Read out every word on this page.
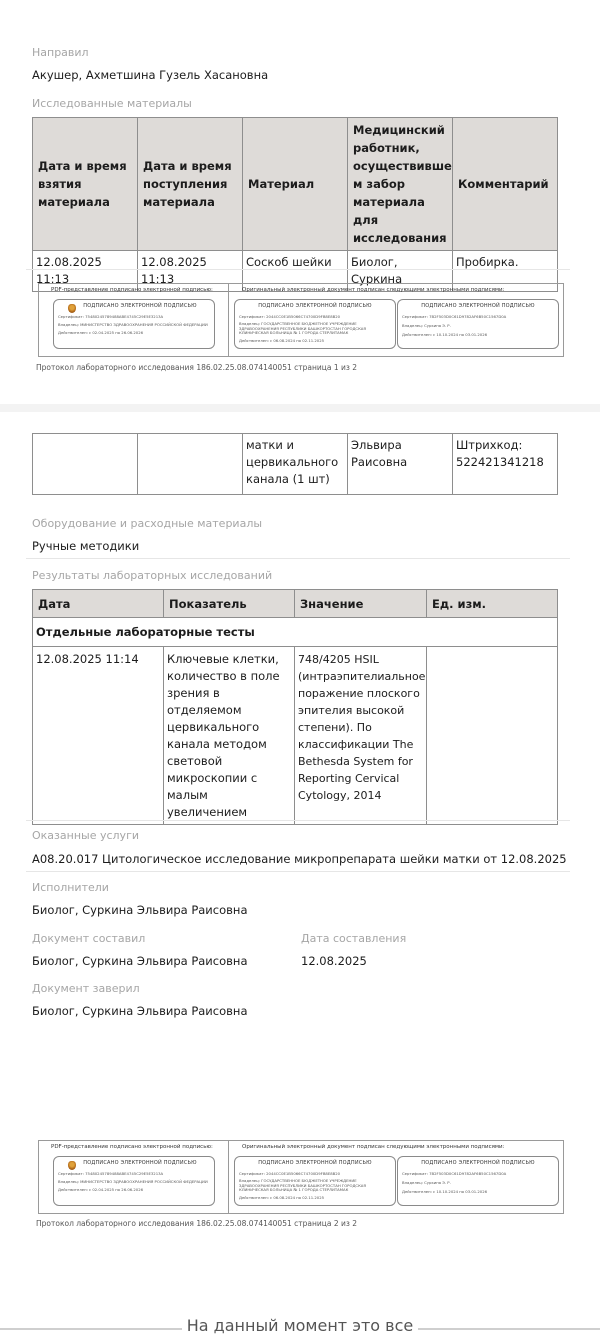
Направил
Акушер, Ахметшина Гузель Хасановна
Исследованные материалы
Дата и время взятия материала	Дата и время поступления материала	Материал	Медицинский работник, осуществивше м забор материала для исследования	Комментарий
12.08.2025 11:13	12.08.2025 11:13	Соскоб шейки	Биолог, Суркина	Пробирка.
PDF-представление подписано электронной подписью:	Оригинальный электронный документ подписан следующими электронными подписями:
ПОДПИСАНО ЭЛЕКТРОННОЙ ПОДПИСЬЮ
Сертификат: 75480245789488ABE4745C29E5E3213A
Владелец: МИНИСТЕРСТВО ЗДРАВООХРАНЕНИЯ РОССИЙСКОЙ ФЕДЕРАЦИИ
Действителен: с 02.04.2025 по 26.06.2026
ПОДПИСАНО ЭЛЕКТРОННОЙ ПОДПИСЬЮ
Сертификат: 2044CC0E1B5066C74700D9FB8E8B20
Владелец: ГОСУДАРСТВЕННОЕ БЮДЖЕТНОЕ УЧРЕЖДЕНИЕ ЗДРАВООХРАНЕНИЯ РЕСПУБЛИКИ БАШКОРТОСТАН ГОРОДСКАЯ КЛИНИЧЕСКАЯ БОЛЬНИЦА № 1 ГОРОДА СТЕРЛИТАМАК
Действителен: с 06.08.2024 по 02.11.2025
ПОДПИСАНО ЭЛЕКТРОННОЙ ПОДПИСЬЮ
Сертификат: 7B2F503D0C61D9782AF6B50C1567D0A
Владелец: Суркина Э. Р.
Действителен: с 10.10.2024 по 03.01.2026
Протокол лабораторного исследования 186.02.25.08.074140051 страница 1 из 2
		матки и цервикального канала (1 шт)	Эльвира Раисовна	Штрихкод: 522421341218
Оборудование и расходные материалы
Ручные методики
Результаты лабораторных исследований
Дата	Показатель	Значение	Ед. изм.
Отдельные лабораторные тесты			
12.08.2025 11:14	Ключевые клетки, количество в поле зрения в отделяемом цервикального канала методом световой микроскопии с малым увеличением	748/4205 HSIL (интраэпителиальное поражение плоского эпителия высокой степени). По классификации The Bethesda System for Reporting Cervical Cytology, 2014	
Оказанные услуги
A08.20.017 Цитологическое исследование микропрепарата шейки матки от 12.08.2025
Исполнители
Биолог, Суркина Эльвира Раисовна
Документ составил
Биолог, Суркина Эльвира Раисовна
Дата составления
12.08.2025
Документ заверил
Биолог, Суркина Эльвира Раисовна
PDF-представление подписано электронной подписью:	Оригинальный электронный документ подписан следующими электронными подписями:
ПОДПИСАНО ЭЛЕКТРОННОЙ ПОДПИСЬЮ
Сертификат: 75480245789488ABE4745C29E5E3213A
Владелец: МИНИСТЕРСТВО ЗДРАВООХРАНЕНИЯ РОССИЙСКОЙ ФЕДЕРАЦИИ
Действителен: с 02.04.2025 по 26.06.2026
ПОДПИСАНО ЭЛЕКТРОННОЙ ПОДПИСЬЮ
Сертификат: 2044CC0E1B5066C74700D9FB8E8B20
Владелец: ГОСУДАРСТВЕННОЕ БЮДЖЕТНОЕ УЧРЕЖДЕНИЕ ЗДРАВООХРАНЕНИЯ РЕСПУБЛИКИ БАШКОРТОСТАН ГОРОДСКАЯ КЛИНИЧЕСКАЯ БОЛЬНИЦА № 1 ГОРОДА СТЕРЛИТАМАК
Действителен: с 06.08.2024 по 02.11.2025
ПОДПИСАНО ЭЛЕКТРОННОЙ ПОДПИСЬЮ
Сертификат: 7B2F503D0C61D9782AF6B50C1567D0A
Владелец: Суркина Э. Р.
Действителен: с 10.10.2024 по 03.01.2026
Протокол лабораторного исследования 186.02.25.08.074140051 страница 2 из 2
На данный момент это все
